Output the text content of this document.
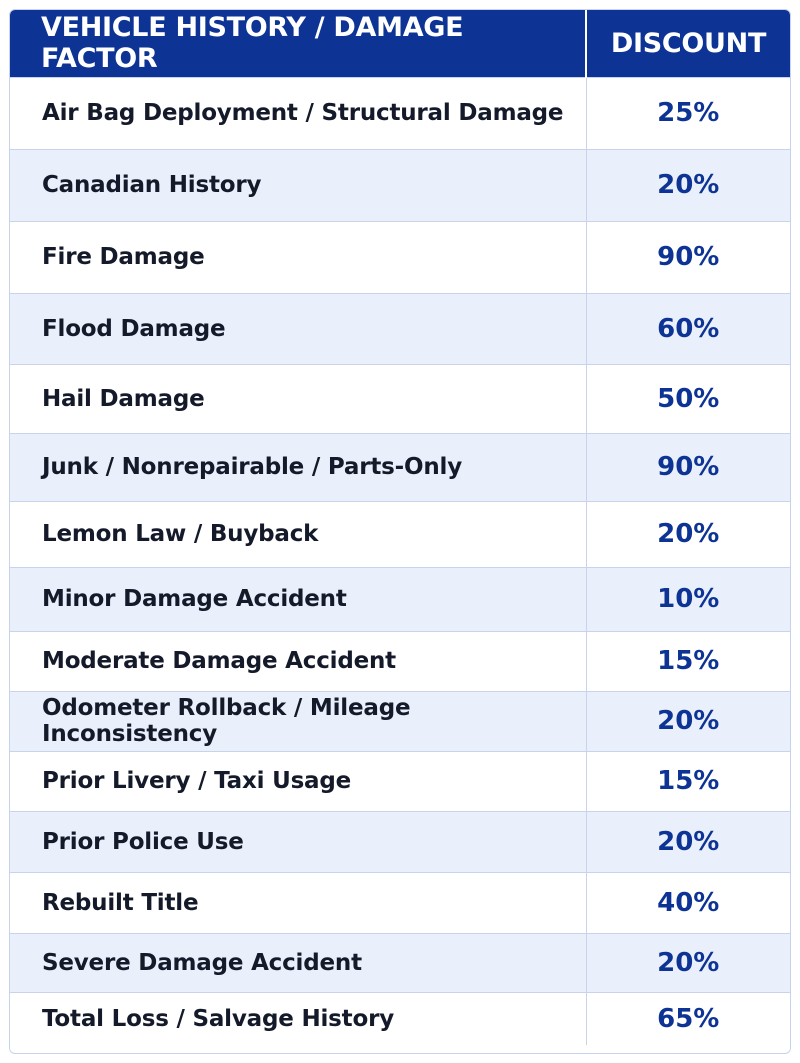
VEHICLE HISTORY / DAMAGE FACTOR	DISCOUNT
Air Bag Deployment / Structural Damage	25%
Canadian History	20%
Fire Damage	90%
Flood Damage	60%
Hail Damage	50%
Junk / Nonrepairable / Parts-Only	90%
Lemon Law / Buyback	20%
Minor Damage Accident	10%
Moderate Damage Accident	15%
Odometer Rollback / Mileage Inconsistency	20%
Prior Livery / Taxi Usage	15%
Prior Police Use	20%
Rebuilt Title	40%
Severe Damage Accident	20%
Total Loss / Salvage History	65%
